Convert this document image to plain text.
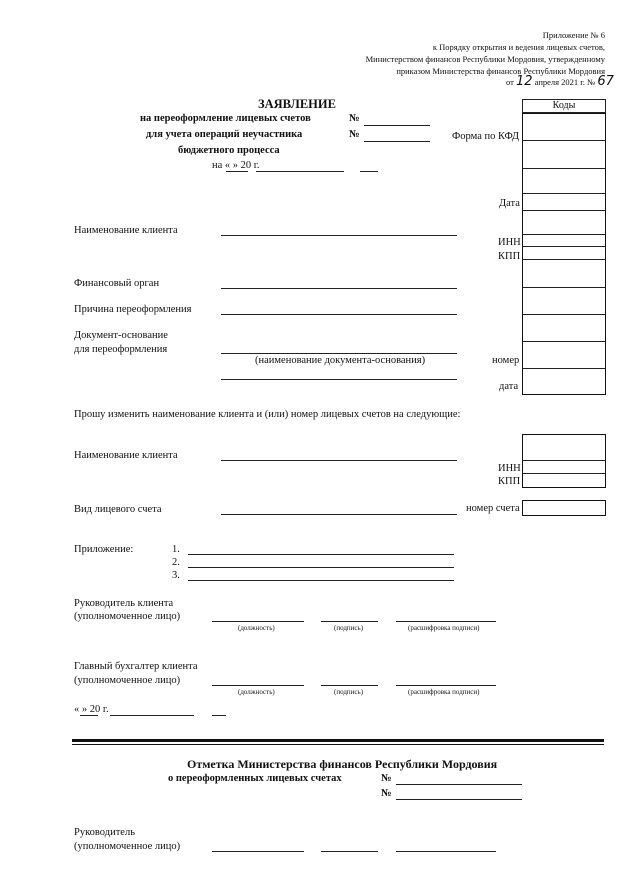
Приложение № 6
к Порядку открытия и ведения лицевых счетов,
Министерством финансов Республики Мордовия, утвержденному
приказом Министерства финансов Республики Мордовия
от 12 апреля 2021 г. № 67
ЗАЯВЛЕНИЕ
на переоформление лицевых счетов
для учета операций неучастника
бюджетного процесса
№
№
на « » 20 г.
Коды
Форма по КФД
Дата
ИНН
КПП
номер
дата
Наименование клиента
Финансовый орган
Причина переоформления
Документ-основание
для переоформления
(наименование документа-основания)
Прошу изменить наименование клиента и (или) номер лицевых счетов на следующие:
ИНН
КПП
Наименование клиента
Вид лицевого счета	номер счета
Приложение:	1.
2.
3.
Руководитель клиента
(уполномоченное лицо)
(должность)	(подпись)	(расшифровка подписи)
Главный бухгалтер клиента
(уполномоченное лицо)
(должность)	(подпись)	(расшифровка подписи)
« » 20 г.
Отметка Министерства финансов Республики Мордовия
о переоформленных лицевых счетах	№
№
Руководитель
(уполномоченное лицо)
